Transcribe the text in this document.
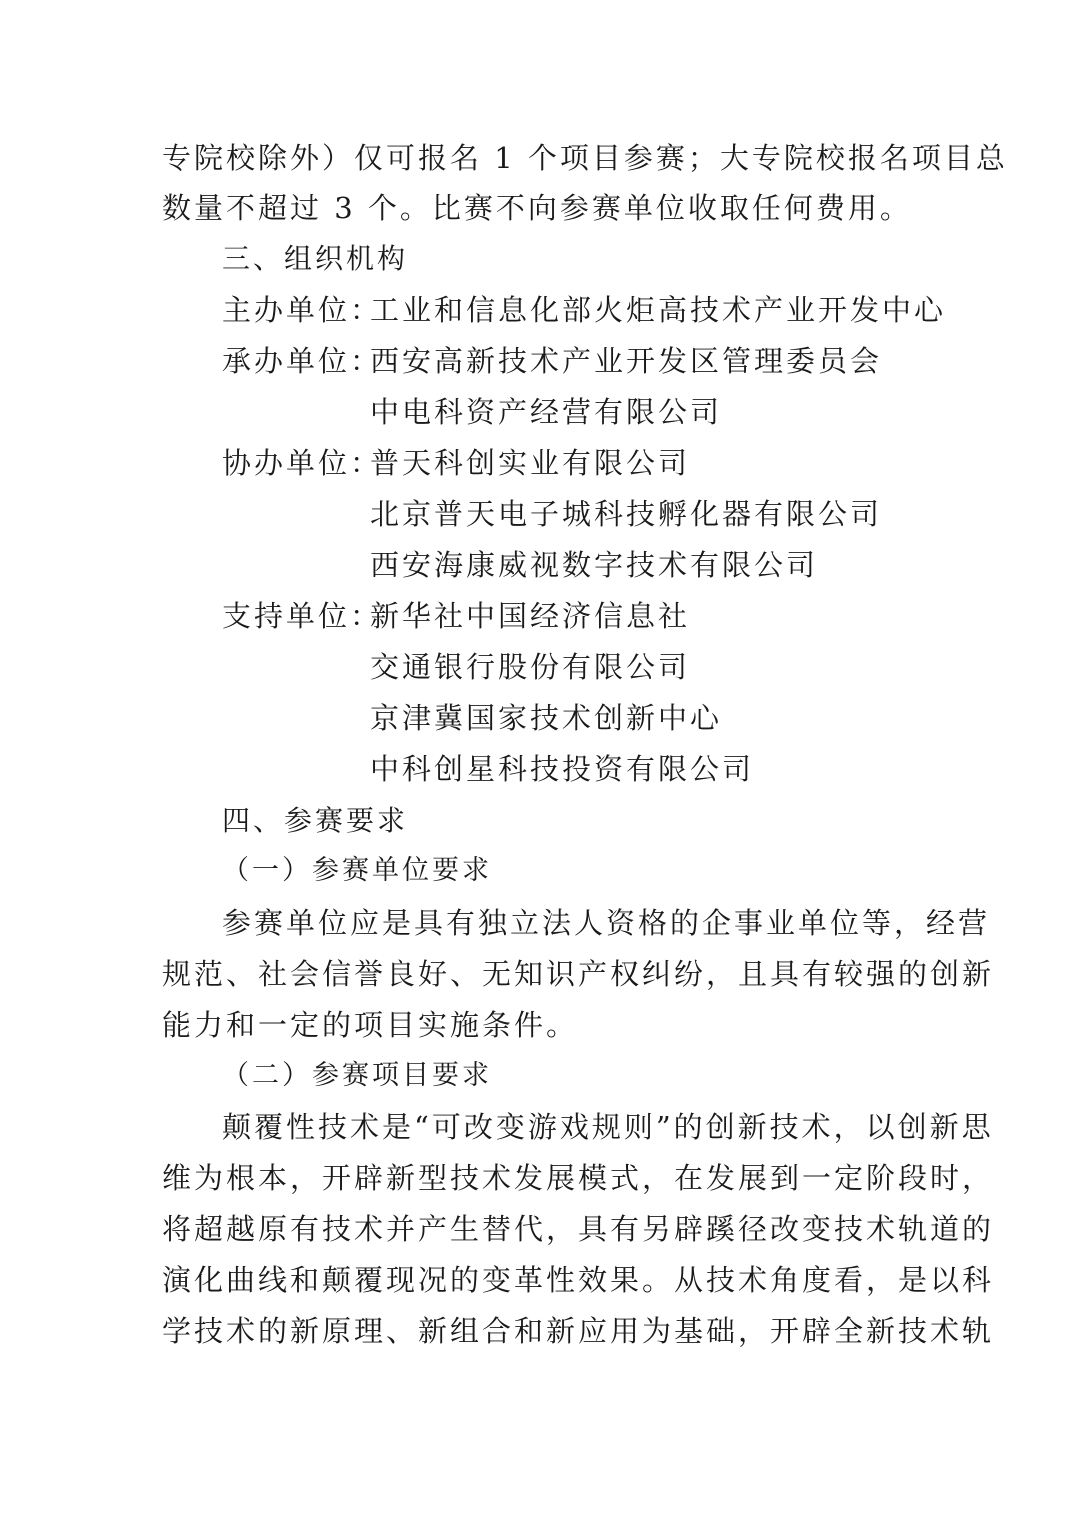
专院校除外）仅可报名 1 个项目参赛；大专院校报名项目总
数量不超过 3 个。比赛不向参赛单位收取任何费用。
三、组织机构
主办单位：
工业和信息化部火炬高技术产业开发中心
承办单位：
西安高新技术产业开发区管理委员会
中电科资产经营有限公司
协办单位：
普天科创实业有限公司
北京普天电子城科技孵化器有限公司
西安海康威视数字技术有限公司
支持单位：
新华社中国经济信息社
交通银行股份有限公司
京津冀国家技术创新中心
中科创星科技投资有限公司
四、参赛要求
（一）参赛单位要求
参赛单位应是具有独立法人资格的企事业单位等，经营
规范、社会信誉良好、无知识产权纠纷，且具有较强的创新
能力和一定的项目实施条件。
（二）参赛项目要求
颠覆性技术是“可改变游戏规则”的创新技术，以创新思
维为根本，开辟新型技术发展模式，在发展到一定阶段时，
将超越原有技术并产生替代，具有另辟蹊径改变技术轨道的
演化曲线和颠覆现况的变革性效果。从技术角度看，是以科
学技术的新原理、新组合和新应用为基础，开辟全新技术轨
